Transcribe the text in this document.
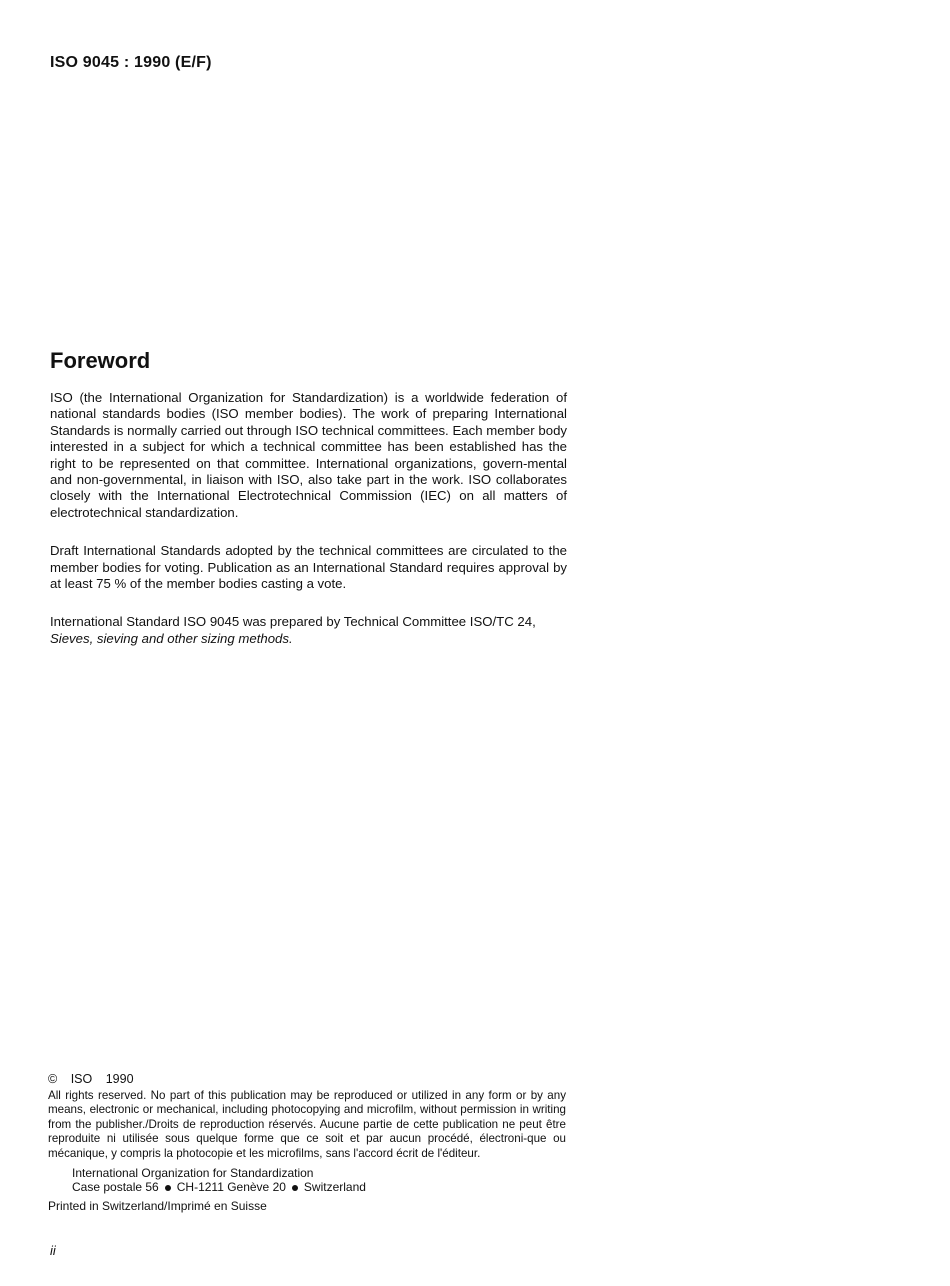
ISO 9045 : 1990 (E/F)
Foreword

ISO (the International Organization for Standardization) is a worldwide federation of national standards bodies (ISO member bodies). The work of preparing International Standards is normally carried out through ISO technical committees. Each member body interested in a subject for which a technical committee has been established has the right to be represented on that committee. International organizations, govern-mental and non-governmental, in liaison with ISO, also take part in the work. ISO collaborates closely with the International Electrotechnical Commission (IEC) on all matters of electrotechnical standardization.

Draft International Standards adopted by the technical committees are circulated to the member bodies for voting. Publication as an International Standard requires approval by at least 75 % of the member bodies casting a vote.

International Standard ISO 9045 was prepared by Technical Committee ISO/TC 24,
Sieves, sieving and other sizing methods.

© ISO 1990

All rights reserved. No part of this publication may be reproduced or utilized in any form or by any means, electronic or mechanical, including photocopying and microfilm, without permission in writing from the publisher./Droits de reproduction réservés. Aucune partie de cette publication ne peut être reproduite ni utilisée sous quelque forme que ce soit et par aucun procédé, électroni-que ou mécanique, y compris la photocopie et les microfilms, sans l'accord écrit de l'éditeur.

International Organization for Standardization
Case postale 56 CH-1211 Genève 20 Switzerland

Printed in Switzerland/Imprimé en Suisse

ii
